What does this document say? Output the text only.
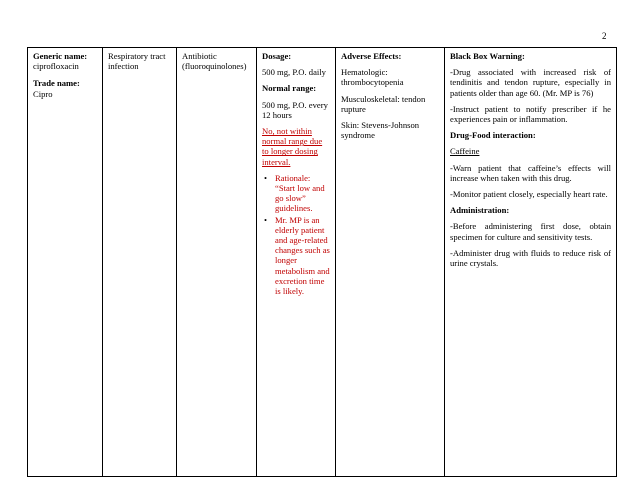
2
Generic name:
ciprofloxacin
Trade name:
Cipro

Respiratory tract infection

Antibiotic (fluoroquinolones)

Dosage:
500 mg, P.O. daily
Normal range:
500 mg, P.O. every 12 hours
No, not within normal range due to longer dosing interval.
• Rationale: “Start low and go slow” guidelines.
• Mr. MP is an elderly patient and age-related changes such as longer metabolism and excretion time is likely.

Adverse Effects:
Hematologic: thrombocytopenia
Musculoskeletal: tendon rupture
Skin: Stevens-Johnson syndrome

Black Box Warning:
-Drug associated with increased risk of tendinitis and tendon rupture, especially in patients older than age 60. (Mr. MP is 76)
-Instruct patient to notify prescriber if he experiences pain or inflammation.
Drug-Food interaction:
Caffeine
-Warn patient that caffeine’s effects will increase when taken with this drug.
-Monitor patient closely, especially heart rate.
Administration:
-Before administering first dose, obtain specimen for culture and sensitivity tests.
-Administer drug with fluids to reduce risk of urine crystals.
